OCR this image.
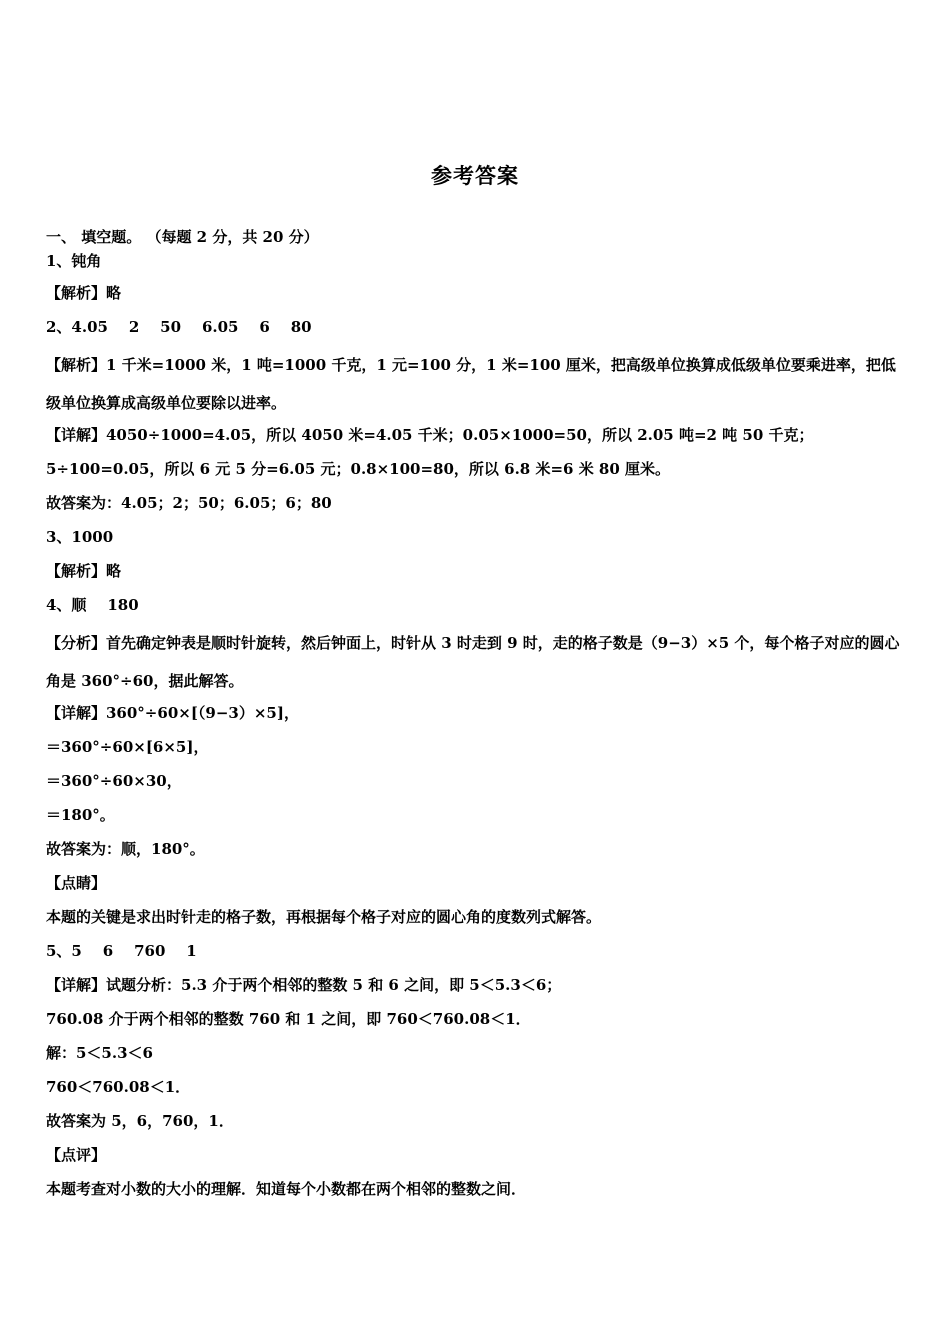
参考答案
一、 填空题。 （每题 2 分，共 20 分）
1、钝角
【解析】略
2、4.05    2    50    6.05    6    80
【解析】1 千米=1000 米，1 吨=1000 千克，1 元=100 分，1 米=100 厘米，把高级单位换算成低级单位要乘进率，把低级单位换算成高级单位要除以进率。
【详解】4050÷1000=4.05，所以 4050 米=4.05 千米；0.05×1000=50，所以 2.05 吨=2 吨 50 千克；
5÷100=0.05，所以 6 元 5 分=6.05 元；0.8×100=80，所以 6.8 米=6 米 80 厘米。
故答案为：4.05；2；50；6.05；6；80
3、1000
【解析】略
4、顺    180
【分析】首先确定钟表是顺时针旋转，然后钟面上，时针从 3 时走到 9 时，走的格子数是（9−3）×5 个，每个格子对应的圆心角是 360°÷60，据此解答。
【详解】360°÷60×[（9−3）×5]，
＝360°÷60×[6×5]，
＝360°÷60×30，
＝180°。
故答案为：顺，180°。
【点睛】
本题的关键是求出时针走的格子数，再根据每个格子对应的圆心角的度数列式解答。
5、5    6    760    1
【详解】试题分析：5.3 介于两个相邻的整数 5 和 6 之间，即 5＜5.3＜6；
760.08 介于两个相邻的整数 760 和 1 之间，即 760＜760.08＜1．
解：5＜5.3＜6
760＜760.08＜1．
故答案为 5，6，760，1．
【点评】
本题考查对小数的大小的理解．知道每个小数都在两个相邻的整数之间．
